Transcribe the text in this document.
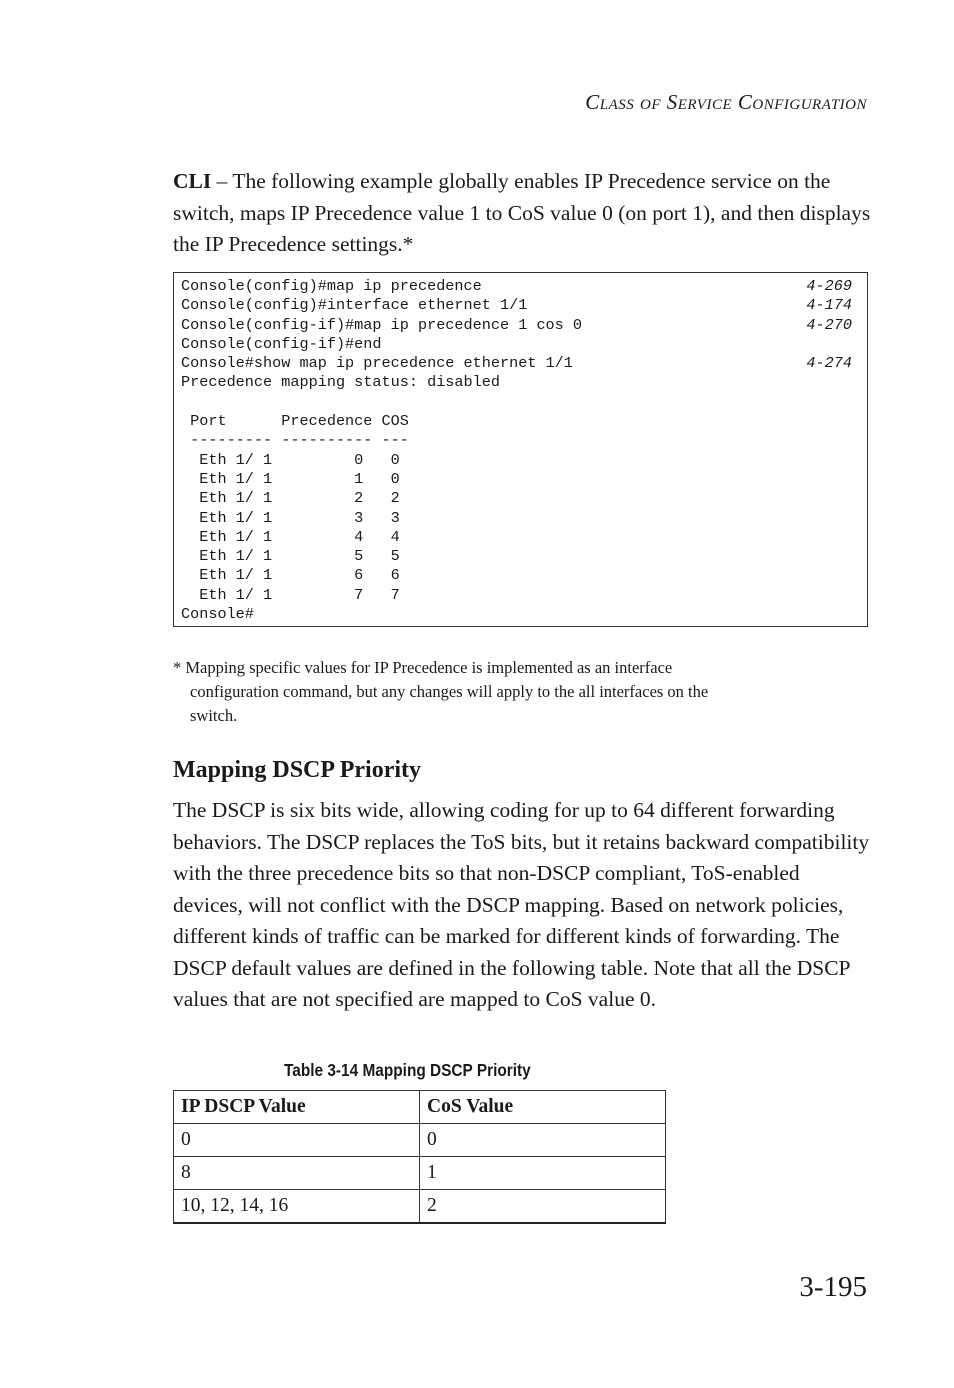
Class of Service Configuration
CLI – The following example globally enables IP Precedence service on the switch, maps IP Precedence value 1 to CoS value 0 (on port 1), and then displays the IP Precedence settings.*
Console(config)#map ip precedence	4-269
Console(config)#interface ethernet 1/1	4-174
Console(config-if)#map ip precedence 1 cos 0	4-270
Console(config-if)#end
Console#show map ip precedence ethernet 1/1	4-274
Precedence mapping status: disabled
Port      Precedence COS
--------- ---------- ---
Eth 1/ 1         0   0
Eth 1/ 1         1   0
Eth 1/ 1         2   2
Eth 1/ 1         3   3
Eth 1/ 1         4   4
Eth 1/ 1         5   5
Eth 1/ 1         6   6
Eth 1/ 1         7   7
Console#
* Mapping specific values for IP Precedence is implemented as an interface
configuration command, but any changes will apply to the all interfaces on the
switch.
Mapping DSCP Priority
The DSCP is six bits wide, allowing coding for up to 64 different forwarding behaviors. The DSCP replaces the ToS bits, but it retains backward compatibility with the three precedence bits so that non-DSCP compliant, ToS-enabled devices, will not conflict with the DSCP mapping. Based on network policies, different kinds of traffic can be marked for different kinds of forwarding. The DSCP default values are defined in the following table. Note that all the DSCP values that are not specified are mapped to CoS value 0.
Table 3-14 Mapping DSCP Priority
IP DSCP Value	CoS Value
0	0
8	1
10, 12, 14, 16	2
3-195
